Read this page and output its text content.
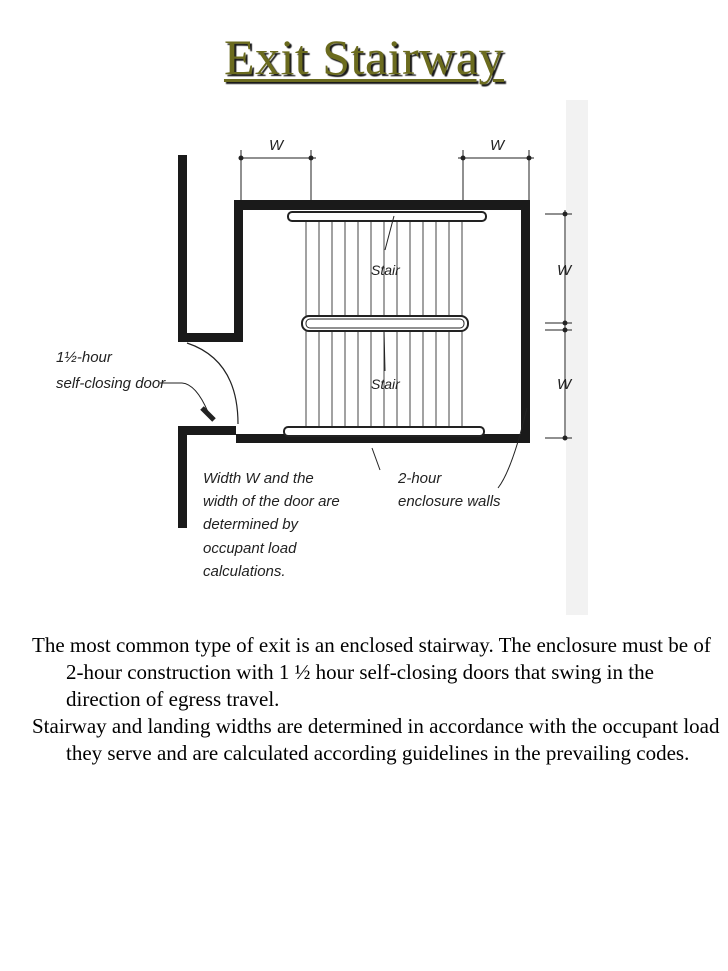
Exit Stairway
W	W
W
W
Stair
Stair
1½-hour
self-closing door
2-hour
enclosure walls
Width W and the
width of the door are
determined by
occupant load
calculations.

The most common type of exit is an enclosed stairway. The enclosure must be of 2-hour construction with 1 ½ hour self-closing doors that swing in the direction of egress travel.

Stairway and landing widths are determined in accordance with the occupant load they serve and are calculated according guidelines in the prevailing codes.
